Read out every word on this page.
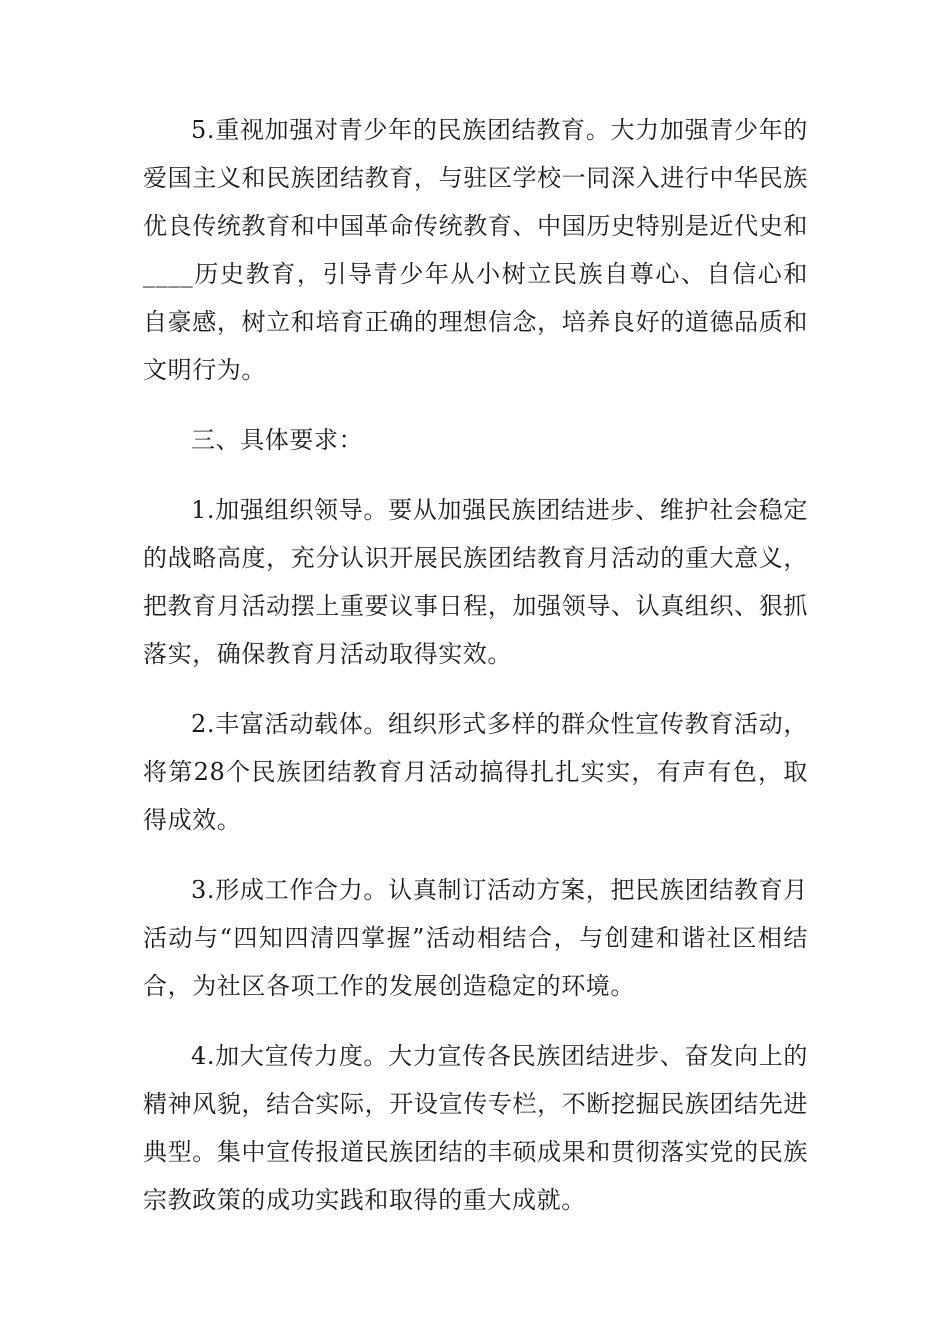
5.重视加强对青少年的民族团结教育。大力加强青少年的爱国主义和民族团结教育，与驻区学校一同深入进行中华民族优良传统教育和中国革命传统教育、中国历史特别是近代史和____历史教育，引导青少年从小树立民族自尊心、自信心和自豪感，树立和培育正确的理想信念，培养良好的道德品质和文明行为。

三、具体要求：

1.加强组织领导。要从加强民族团结进步、维护社会稳定的战略高度，充分认识开展民族团结教育月活动的重大意义，把教育月活动摆上重要议事日程，加强领导、认真组织、狠抓落实，确保教育月活动取得实效。

2.丰富活动载体。组织形式多样的群众性宣传教育活动，将第28个民族团结教育月活动搞得扎扎实实，有声有色，取得成效。

3.形成工作合力。认真制订活动方案，把民族团结教育月活动与“四知四清四掌握”活动相结合，与创建和谐社区相结合，为社区各项工作的发展创造稳定的环境。

4.加大宣传力度。大力宣传各民族团结进步、奋发向上的精神风貌，结合实际，开设宣传专栏，不断挖掘民族团结先进典型。集中宣传报道民族团结的丰硕成果和贯彻落实党的民族宗教政策的成功实践和取得的重大成就。
